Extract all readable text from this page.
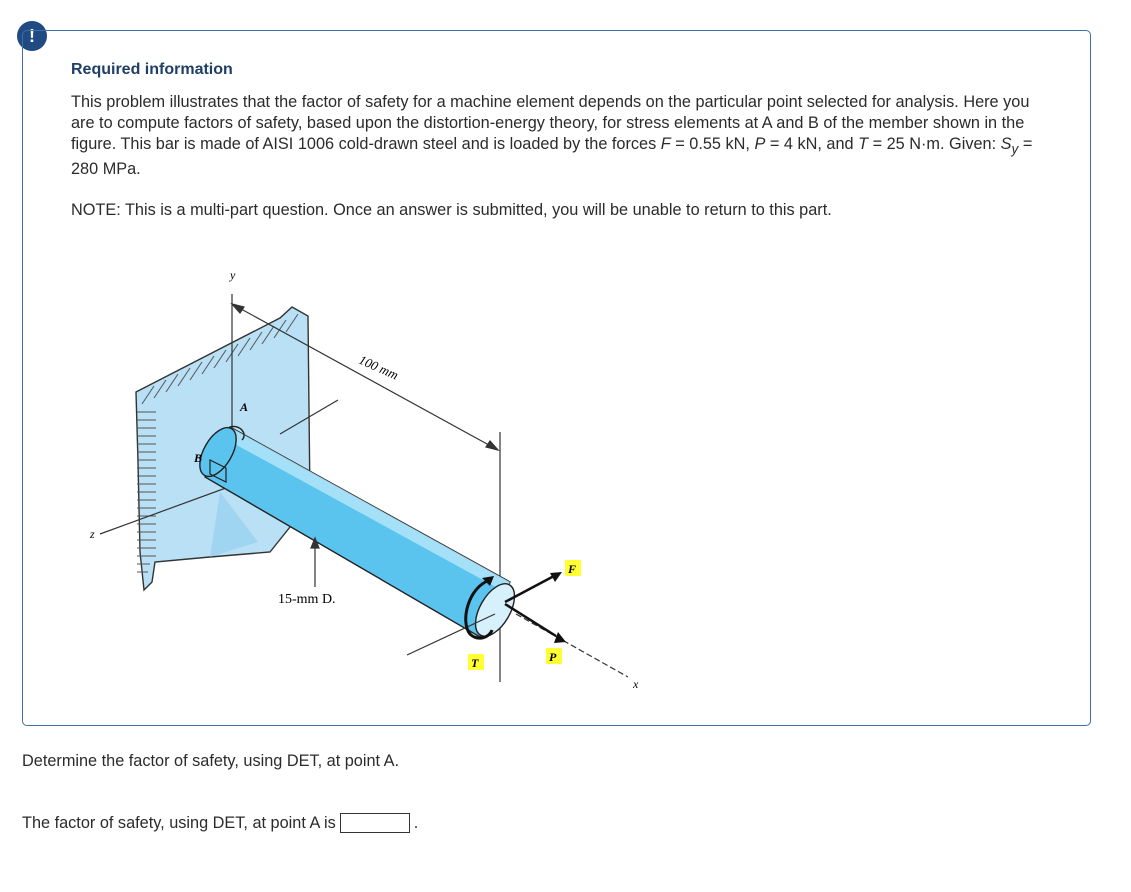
!
Required information
This problem illustrates that the factor of safety for a machine element depends on the particular point selected for analysis. Here you are to compute factors of safety, based upon the distortion-energy theory, for stress elements at A and B of the member shown in the figure. This bar is made of AISI 1006 cold-drawn steel and is loaded by the forces F = 0.55 kN, P = 4 kN, and T = 25 N·m. Given: $S_y = 280$ MPa.
NOTE: This is a multi-part question. Once an answer is submitted, you will be unable to return to this part.
y
z
100 mm
x
A
B
15-mm D.
T
F
P
Determine the factor of safety, using DET, at point A.
The factor of safety, using DET, at point A is	.
